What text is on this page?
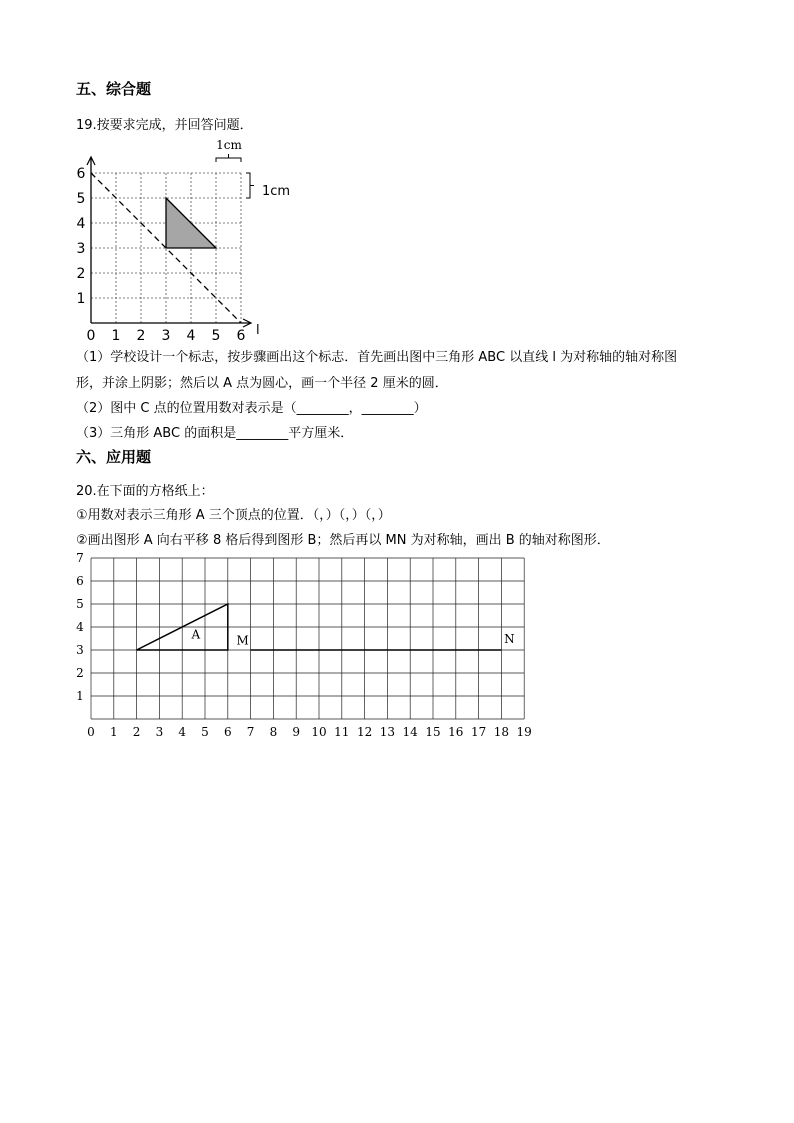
五、综合题
19.按要求完成，并回答问题．
0 1 2 3 4 5 6
1
2
3
4
5
6
1cm
1cm
l
（1）学校设计一个标志，按步骤画出这个标志．首先画出图中三角形 ABC 以直线 l 为对称轴的轴对称图
形，并涂上阴影；然后以 A 点为圆心，画一个半径 2 厘米的圆．
（2）图中 C 点的位置用数对表示是（________，________）
（3）三角形 ABC 的面积是________平方厘米．
六、应用题
20.在下面的方格纸上：
①用数对表示三角形 A 三个顶点的位置．（，）（，）（，）
②画出图形 A 向右平移 8 格后得到图形 B；然后再以 MN 为对称轴，画出 B 的轴对称图形．
0 1 2 3 4 5 6 7 8 9 10 11 12 13 14 15 16 17 18 19
1
2
3
4
5
6
7
A	M	N
